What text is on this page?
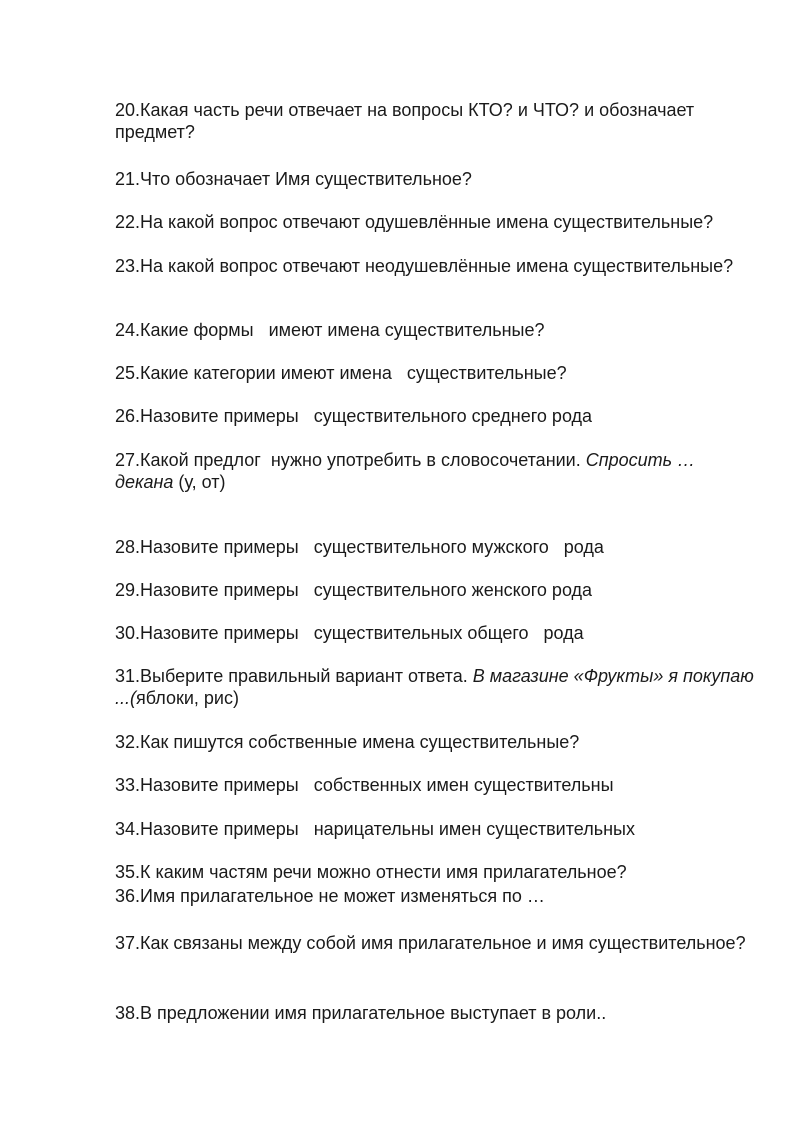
20.Какая часть речи отвечает на вопросы КТО? и ЧТО? и обозначает предмет?
21.Что обозначает Имя существительное?
22.На какой вопрос отвечают одушевлённые имена существительные?
23.На какой вопрос отвечают неодушевлённые имена существительные?
24.Какие формы   имеют имена существительные?
25.Какие категории имеют имена   существительные?
26.Назовите примеры   существительного среднего рода
27.Какой предлог  нужно употребить в словосочетании. Спросить … декана (у, от)
28.Назовите примеры   существительного мужского   рода
29.Назовите примеры   существительного женского рода
30.Назовите примеры   существительных общего   рода
31.Выберите правильный вариант ответа. В магазине «Фрукты» я покупаю ...(яблоки, рис)
32.Как пишутся собственные имена существительные?
33.Назовите примеры   собственных имен существительны
34.Назовите примеры   нарицательны имен существительных
35.К каким частям речи можно отнести имя прилагательное?
36.Имя прилагательное не может изменяться по …
37.Как связаны между собой имя прилагательное и имя существительное?
38.В предложении имя прилагательное выступает в роли..
